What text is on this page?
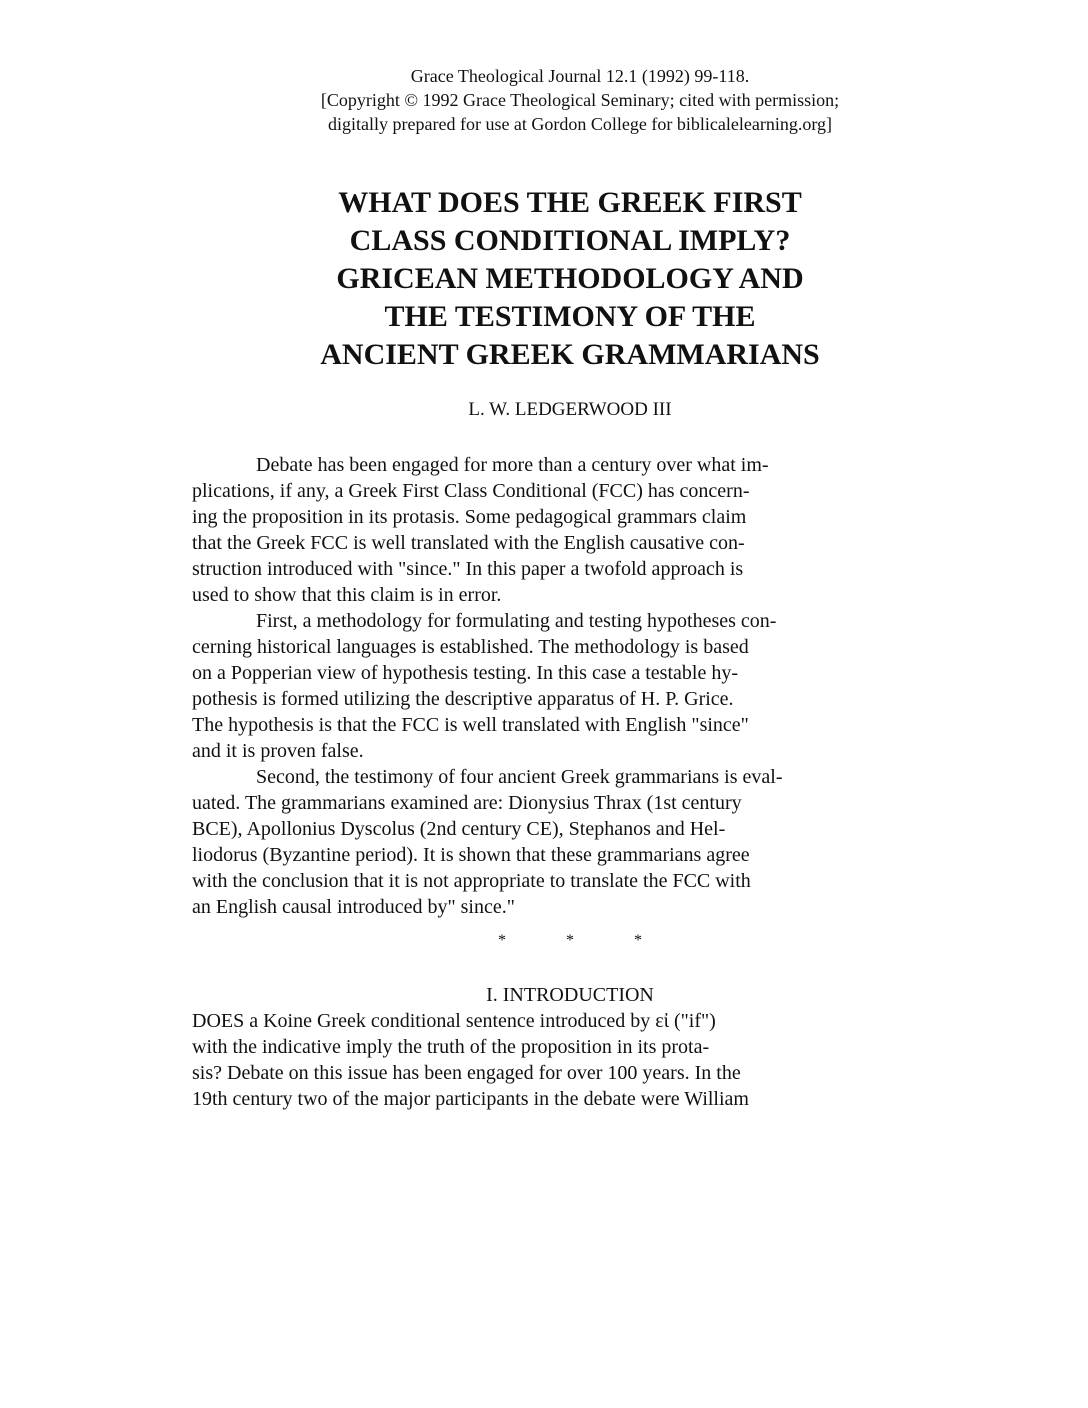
Grace Theological Journal 12.1 (1992) 99-118.
[Copyright © 1992 Grace Theological Seminary; cited with permission;
digitally prepared for use at Gordon College for biblicalelearning.org]
WHAT DOES THE GREEK FIRST
CLASS CONDITIONAL IMPLY?
GRICEAN METHODOLOGY AND
THE TESTIMONY OF THE
ANCIENT GREEK GRAMMARIANS
L. W. LEDGERWOOD III
Debate has been engaged for more than a century over what im-
plications, if any, a Greek First Class Conditional (FCC) has concern-
ing the proposition in its protasis. Some pedagogical grammars claim
that the Greek FCC is well translated with the English causative con-
struction introduced with "since." In this paper a twofold approach is
used to show that this claim is in error.
First, a methodology for formulating and testing hypotheses con-
cerning historical languages is established. The methodology is based
on a Popperian view of hypothesis testing. In this case a testable hy-
pothesis is formed utilizing the descriptive apparatus of H. P. Grice.
The hypothesis is that the FCC is well translated with English "since"
and it is proven false.
Second, the testimony of four ancient Greek grammarians is eval-
uated. The grammarians examined are: Dionysius Thrax (1st century
BCE), Apollonius Dyscolus (2nd century CE), Stephanos and Hel-
liodorus (Byzantine period). It is shown that these grammarians agree
with the conclusion that it is not appropriate to translate the FCC with
an English causal introduced by" since."
* * *
I. INTRODUCTION
DOES a Koine Greek conditional sentence introduced by εἰ ("if")
with the indicative imply the truth of the proposition in its prota-
sis? Debate on this issue has been engaged for over 100 years. In the
19th century two of the major participants in the debate were William
